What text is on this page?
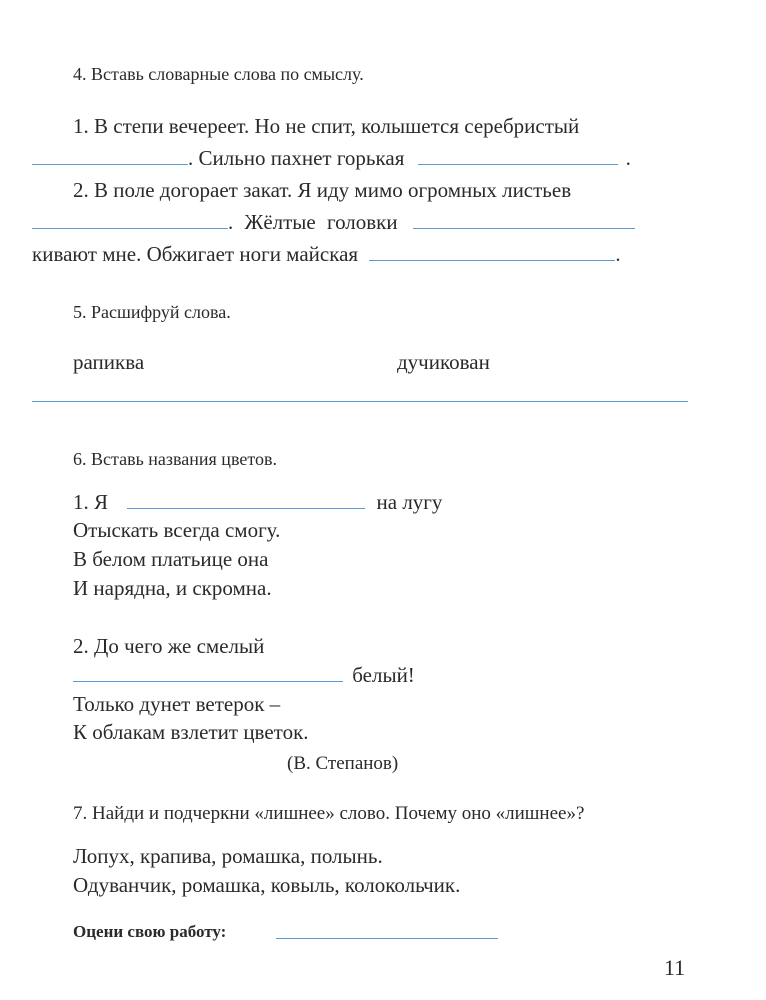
4. Вставь словарные слова по смыслу.
1. В степи вечереет. Но не спит, колышется серебристый
. Сильно пахнет горькая	.
2. В поле догорает закат. Я иду мимо огромных листьев
. Жёлтые головки
кивают мне. Обжигает ноги майская	.
5. Расшифруй слова.
рапиква	дучикован
6. Вставь названия цветов.
1. Я	на лугу
Отыскать всегда смогу.
В белом платьице она
И нарядна, и скромна.
2. До чего же смелый
белый!
Только дунет ветерок –
К облакам взлетит цветок.
(В. Степанов)
7. Найди и подчеркни «лишнее» слово. Почему оно «лишнее»?
Лопух, крапива, ромашка, полынь.
Одуванчик, ромашка, ковыль, колокольчик.
Оцени свою работу:
11
